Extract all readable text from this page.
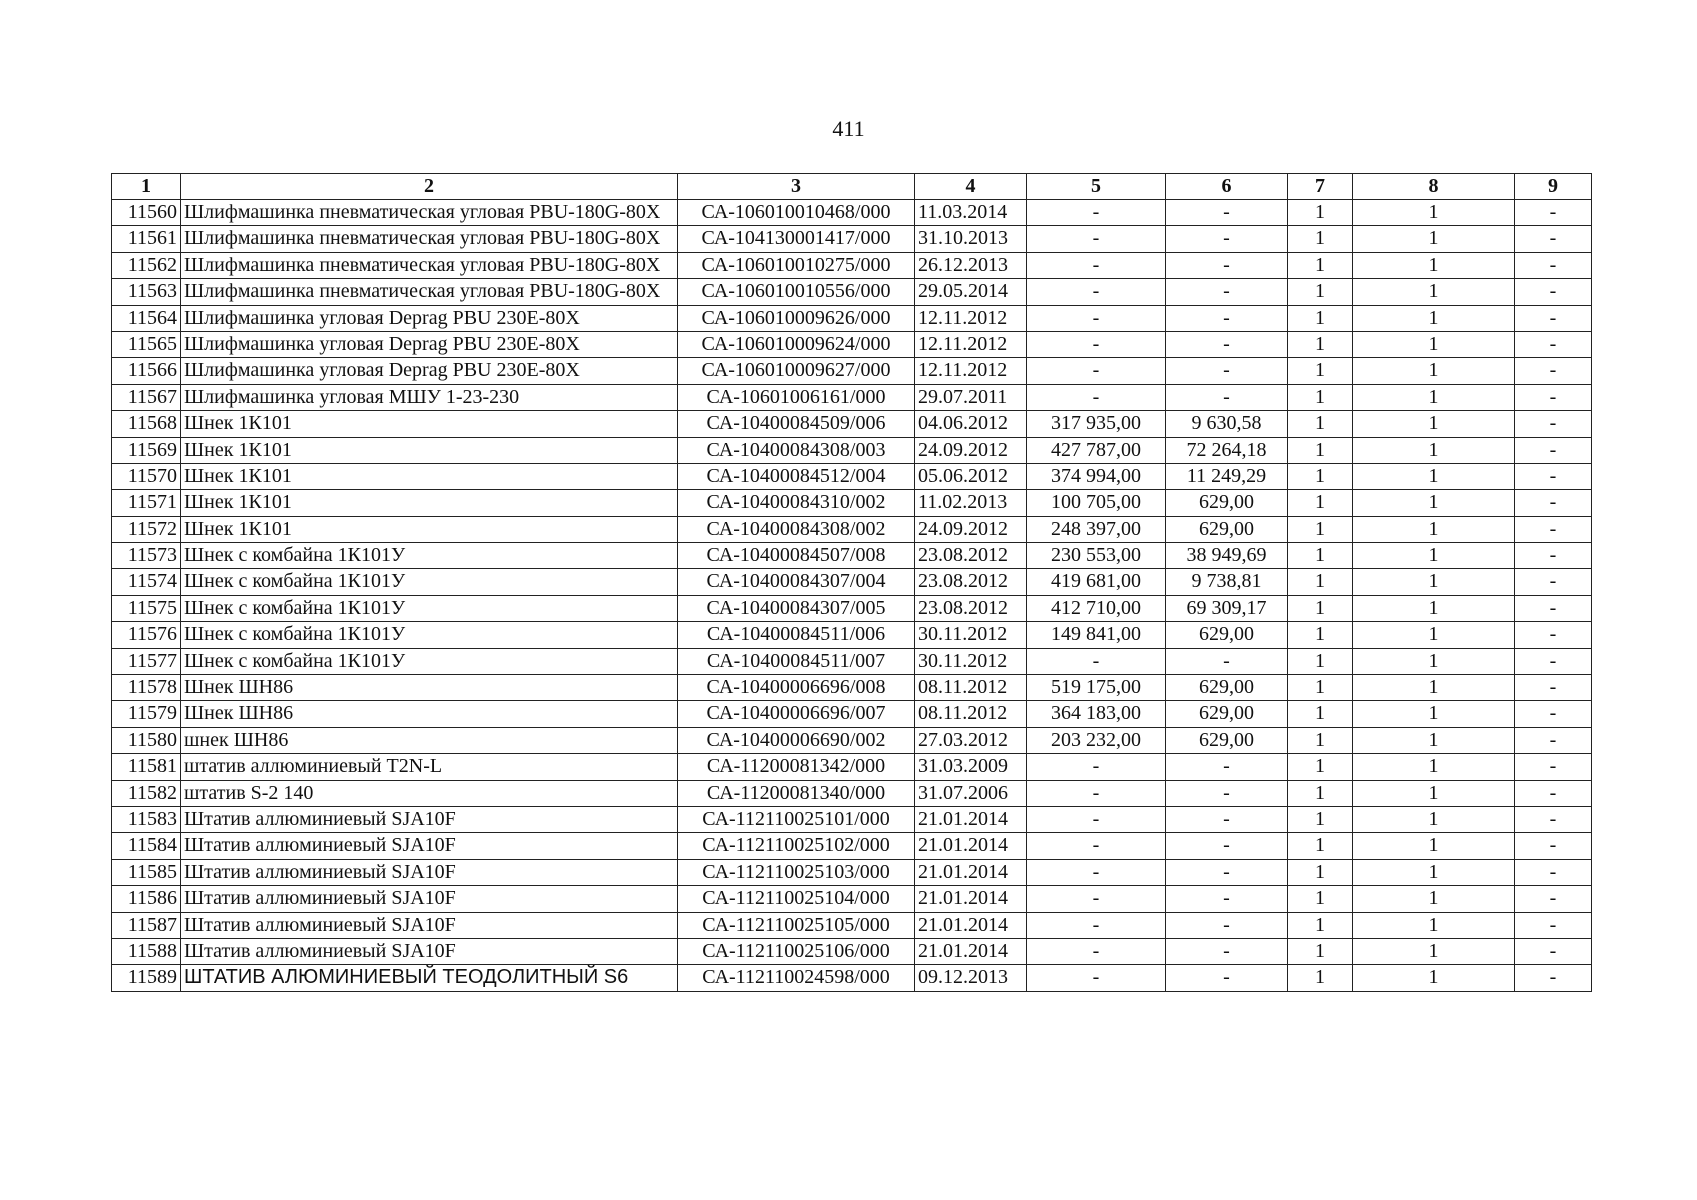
411
1	2	3	4	5	6	7	8	9
11560	Шлифмашинка пневматическая угловая PBU-180G-80X	СА-106010010468/000	11.03.2014	-	-	1	1	-
11561	Шлифмашинка пневматическая угловая PBU-180G-80X	СА-104130001417/000	31.10.2013	-	-	1	1	-
11562	Шлифмашинка пневматическая угловая PBU-180G-80X	СА-106010010275/000	26.12.2013	-	-	1	1	-
11563	Шлифмашинка пневматическая угловая PBU-180G-80X	СА-106010010556/000	29.05.2014	-	-	1	1	-
11564	Шлифмашинка угловая Deprag PBU 230E-80X	СА-106010009626/000	12.11.2012	-	-	1	1	-
11565	Шлифмашинка угловая Deprag PBU 230E-80X	СА-106010009624/000	12.11.2012	-	-	1	1	-
11566	Шлифмашинка угловая Deprag PBU 230E-80X	СА-106010009627/000	12.11.2012	-	-	1	1	-
11567	Шлифмашинка угловая МШУ 1-23-230	СА-10601006161/000	29.07.2011	-	-	1	1	-
11568	Шнек 1К101	СА-10400084509/006	04.06.2012	317 935,00	9 630,58	1	1	-
11569	Шнек 1К101	СА-10400084308/003	24.09.2012	427 787,00	72 264,18	1	1	-
11570	Шнек 1К101	СА-10400084512/004	05.06.2012	374 994,00	11 249,29	1	1	-
11571	Шнек 1К101	СА-10400084310/002	11.02.2013	100 705,00	629,00	1	1	-
11572	Шнек 1К101	СА-10400084308/002	24.09.2012	248 397,00	629,00	1	1	-
11573	Шнек с комбайна 1К101У	СА-10400084507/008	23.08.2012	230 553,00	38 949,69	1	1	-
11574	Шнек с комбайна 1К101У	СА-10400084307/004	23.08.2012	419 681,00	9 738,81	1	1	-
11575	Шнек с комбайна 1К101У	СА-10400084307/005	23.08.2012	412 710,00	69 309,17	1	1	-
11576	Шнек с комбайна 1К101У	СА-10400084511/006	30.11.2012	149 841,00	629,00	1	1	-
11577	Шнек с комбайна 1К101У	СА-10400084511/007	30.11.2012	-	-	1	1	-
11578	Шнек ШН86	СА-10400006696/008	08.11.2012	519 175,00	629,00	1	1	-
11579	Шнек ШН86	СА-10400006696/007	08.11.2012	364 183,00	629,00	1	1	-
11580	шнек ШН86	СА-10400006690/002	27.03.2012	203 232,00	629,00	1	1	-
11581	штатив аллюминиевый T2N-L	СА-11200081342/000	31.03.2009	-	-	1	1	-
11582	штатив S-2 140	СА-11200081340/000	31.07.2006	-	-	1	1	-
11583	Штатив аллюминиевый SJA10F	СА-112110025101/000	21.01.2014	-	-	1	1	-
11584	Штатив аллюминиевый SJA10F	СА-112110025102/000	21.01.2014	-	-	1	1	-
11585	Штатив аллюминиевый SJA10F	СА-112110025103/000	21.01.2014	-	-	1	1	-
11586	Штатив аллюминиевый SJA10F	СА-112110025104/000	21.01.2014	-	-	1	1	-
11587	Штатив аллюминиевый SJA10F	СА-112110025105/000	21.01.2014	-	-	1	1	-
11588	Штатив аллюминиевый SJA10F	СА-112110025106/000	21.01.2014	-	-	1	1	-
11589	ШТАТИВ АЛЮМИНИЕВЫЙ ТЕОДОЛИТНЫЙ S6	СА-112110024598/000	09.12.2013	-	-	1	1	-
